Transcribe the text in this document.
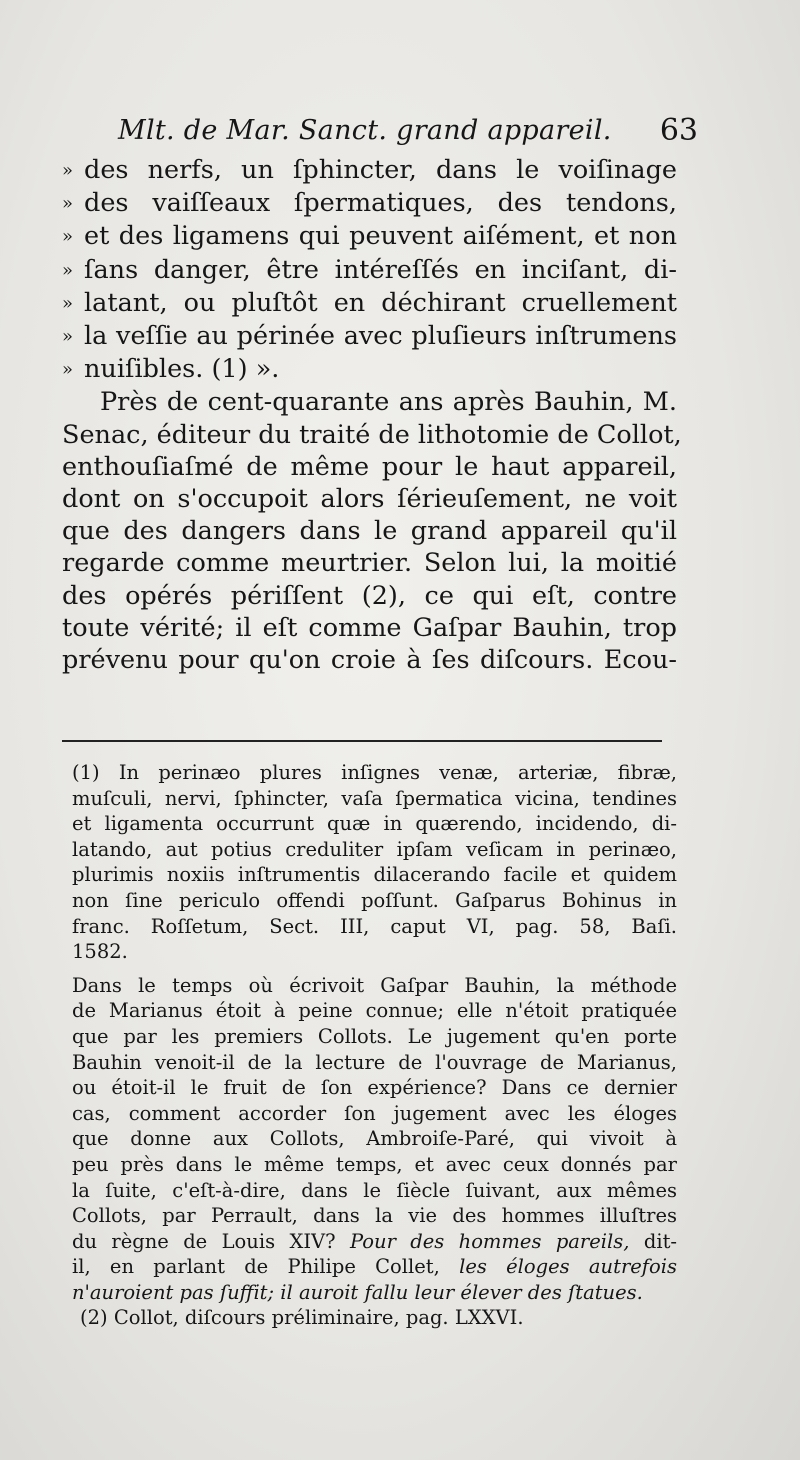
Mlt. de Mar. Sanct. grand appareil. 63
» des nerfs, un ſphincter, dans le voiſinage
» des vaiſſeaux ſpermatiques, des tendons,
» et des ligamens qui peuvent aiſément, et non
» ſans danger, être intéreſſés en inciſant, di-
» latant, ou pluſtôt en déchirant cruellement
» la veſſie au périnée avec pluſieurs inſtrumens
» nuiſibles. (1) ».
Près de cent-quarante ans après Bauhin, M.
Senac, éditeur du traité de lithotomie de Collot,
enthouſiaſmé de même pour le haut appareil,
dont on s'occupoit alors ſérieuſement, ne voit
que des dangers dans le grand appareil qu'il
regarde comme meurtrier. Selon lui, la moitié
des opérés périſſent (2), ce qui eſt, contre
toute vérité; il eſt comme Gaſpar Bauhin, trop
prévenu pour qu'on croie à ſes diſcours. Ecou-
(1) In perinæo plures inſignes venæ, arteriæ, fibræ,
muſculi, nervi, ſphincter, vaſa ſpermatica vicina, tendines
et ligamenta occurrunt quæ in quærendo, incidendo, di-
latando, aut potius creduliter ipſam veſicam in perinæo,
plurimis noxiis inſtrumentis dilacerando facile et quidem
non ſine periculo offendi poſſunt. Gaſparus Bohinus in
franc. Roſſetum, Sect. III, caput VI, pag. 58, Baſi.
1582.
Dans le temps où écrivoit Gaſpar Bauhin, la méthode
de Marianus étoit à peine connue; elle n'étoit pratiquée
que par les premiers Collots. Le jugement qu'en porte
Bauhin venoit-il de la lecture de l'ouvrage de Marianus,
ou étoit-il le fruit de ſon expérience? Dans ce dernier
cas, comment accorder ſon jugement avec les éloges
que donne aux Collots, Ambroiſe-Paré, qui vivoit à
peu près dans le même temps, et avec ceux donnés par
la ſuite, c'eſt-à-dire, dans le ſiècle ſuivant, aux mêmes
Collots, par Perrault, dans la vie des hommes illuſtres
du règne de Louis XIV? Pour des hommes pareils, dit-
il, en parlant de Philipe Collet, les éloges autrefois
n'auroient pas ſuffit; il auroit fallu leur élever des ſtatues.
(2) Collot, diſcours préliminaire, pag. LXXVI.
